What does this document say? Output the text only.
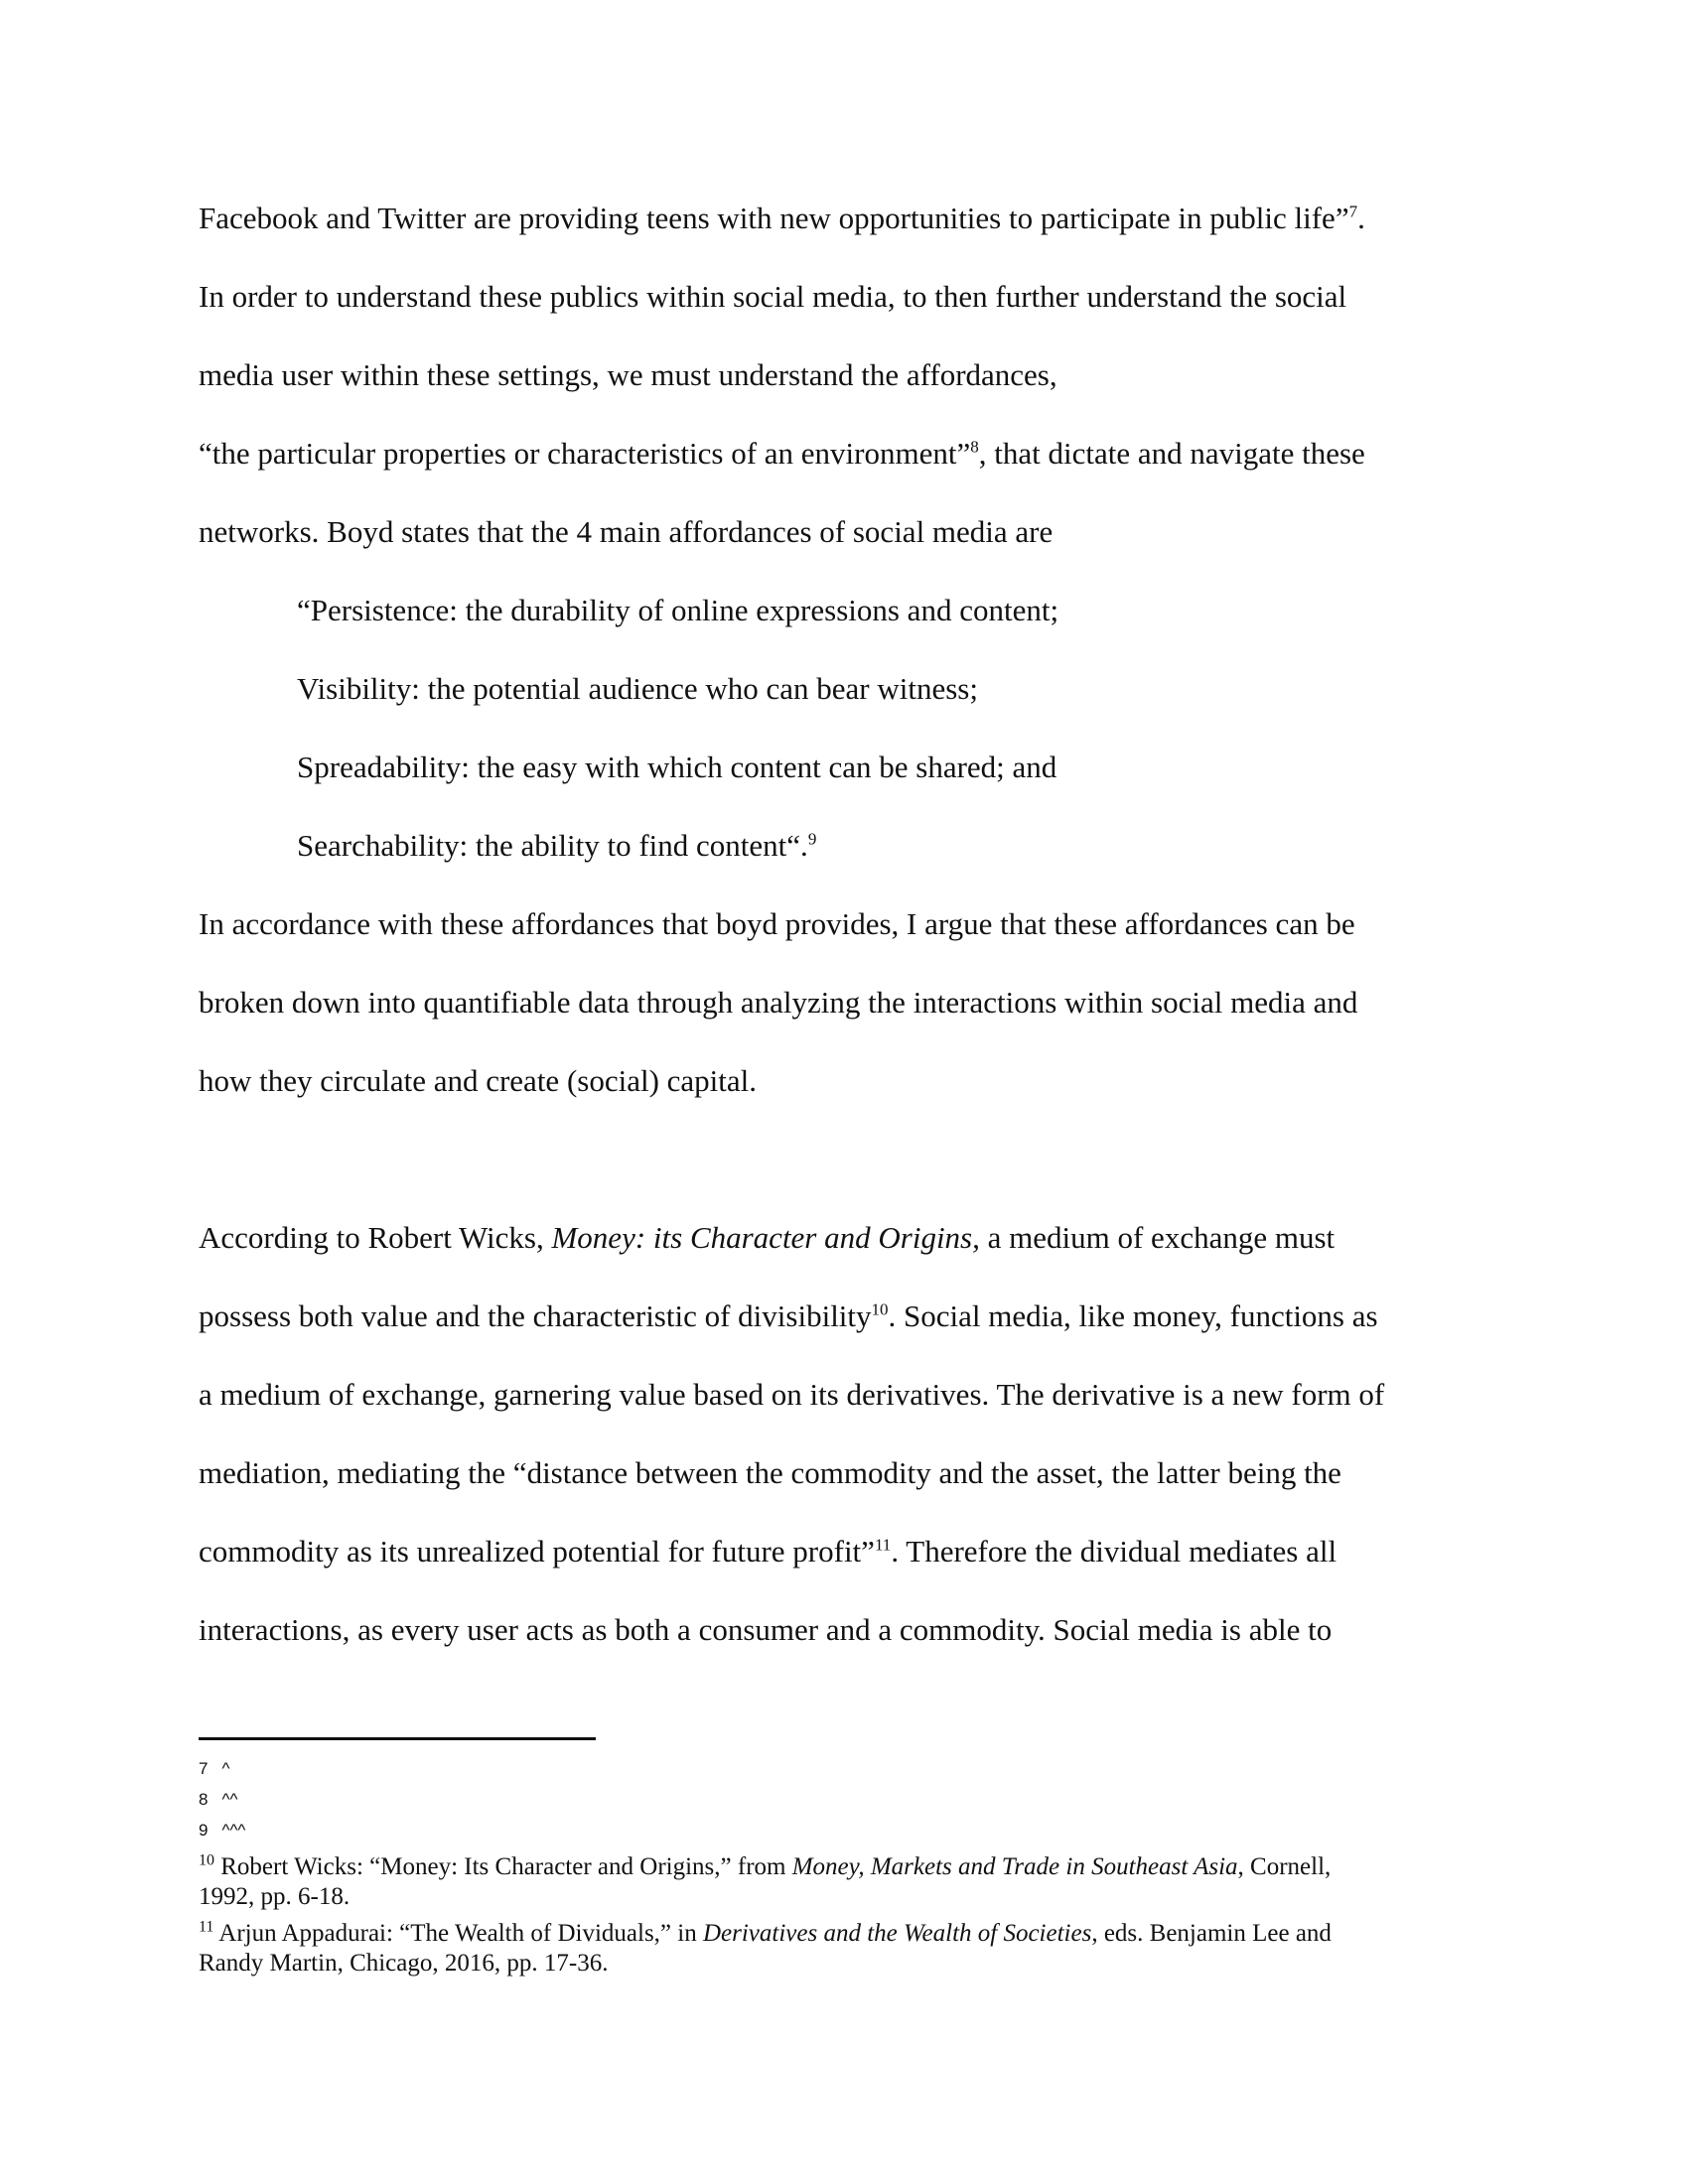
Facebook and Twitter are providing teens with new opportunities to participate in public life”$^7$.
In order to understand these publics within social media, to then further understand the social
media user within these settings, we must understand the affordances,
“the particular properties or characteristics of an environment”$^8$, that dictate and navigate these
networks. Boyd states that the 4 main affordances of social media are
“Persistence: the durability of online expressions and content;
Visibility: the potential audience who can bear witness;
Spreadability: the easy with which content can be shared; and
Searchability: the ability to find content“.$^9$
In accordance with these affordances that boyd provides, I argue that these affordances can be
broken down into quantifiable data through analyzing the interactions within social media and
how they circulate and create (social) capital.
According to Robert Wicks, Money: its Character and Origins, a medium of exchange must
possess both value and the characteristic of divisibility$^{10}$. Social media, like money, functions as
a medium of exchange, garnering value based on its derivatives. The derivative is a new form of
mediation, mediating the “distance between the commodity and the asset, the latter being the
commodity as its unrealized potential for future profit”$^{11}$. Therefore the dividual mediates all
interactions, as every user acts as both a consumer and a commodity. Social media is able to
7 ^
8 ^^
9 ^^^
$^{10}$ Robert Wicks: “Money: Its Character and Origins,” from Money, Markets and Trade in Southeast Asia, Cornell,
1992, pp. 6-18.
$^{11}$ Arjun Appadurai: “The Wealth of Dividuals,” in Derivatives and the Wealth of Societies, eds. Benjamin Lee and
Randy Martin, Chicago, 2016, pp. 17-36.
